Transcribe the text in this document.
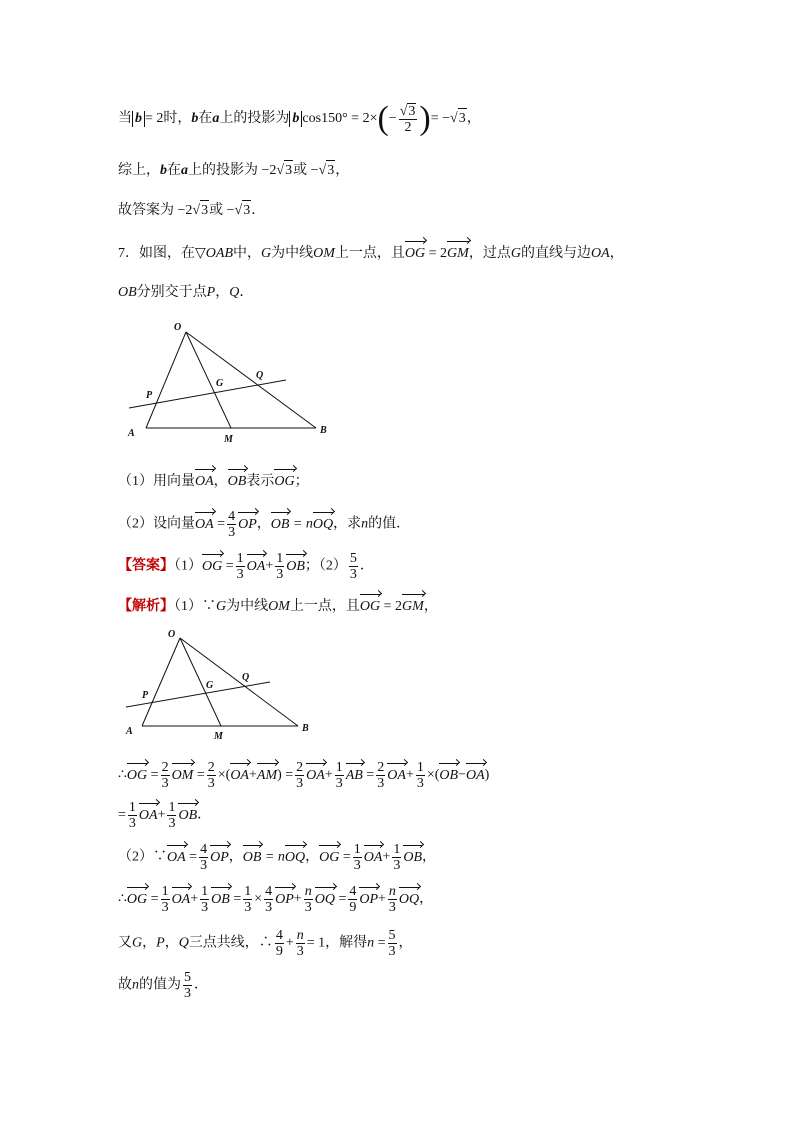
当 b = 2时，b在a上的投影为 b $\cos 150^\circ = 2\times(- \frac{√3}{2}$ )= −√3，
综上，b在a上的投影为 −2√3或 −√3，
故答案为 −2√3或 −√3．
7．如图，在▽OAB中，G为中线OM上一点，且OG = 2GM，过点G的直线与边OA，
OB分别交于点P，Q．
O
P
G
Q
A
M
B
（1）用向量OA，OB表示OG；
（2）设向量OA = $\frac{4}{3}$ OP，OB = nOQ，求n的值．
【答案】$(1)OG = \frac{1}{3} OA+ \frac{1}{3}$ OB；$(2) \frac{5}{3}$ ．
【解析】（1）∵G为中线OM上一点，且OG = 2GM，
O
P
G
Q
A	M
B
∴OG = $\frac{2}{3}$ OM = $\frac{2}{3} \times(OA+AM) = \frac{2}{3} OA+ \frac{1}{3}$ AB = $\frac{2}{3} OA+ \frac{1}{3} \times(OB-OA)$
= $\frac{1}{3} OA+ \frac{1}{3}$ OB．
（2）∵OA = $\frac{4}{3}$ OP，OB = nOQ，OG = $\frac{1}{3} OA+ \frac{1}{3}$ OB，
∴OG = $\frac{1}{3} OA+ \frac{1}{3}$ OB = $\frac{1}{3} \times \frac{4}{3} OP+ \frac{n}{3}$ OQ = $\frac{4}{9} OP+ \frac{n}{3}$ OQ，
又G，P，Q三点共线，∴ $\frac{4}{9} + \frac{n}{3} = 1$，解得$n = \frac{5}{3}$ ，
故n的值为 $\frac{5}{3}$ ．
